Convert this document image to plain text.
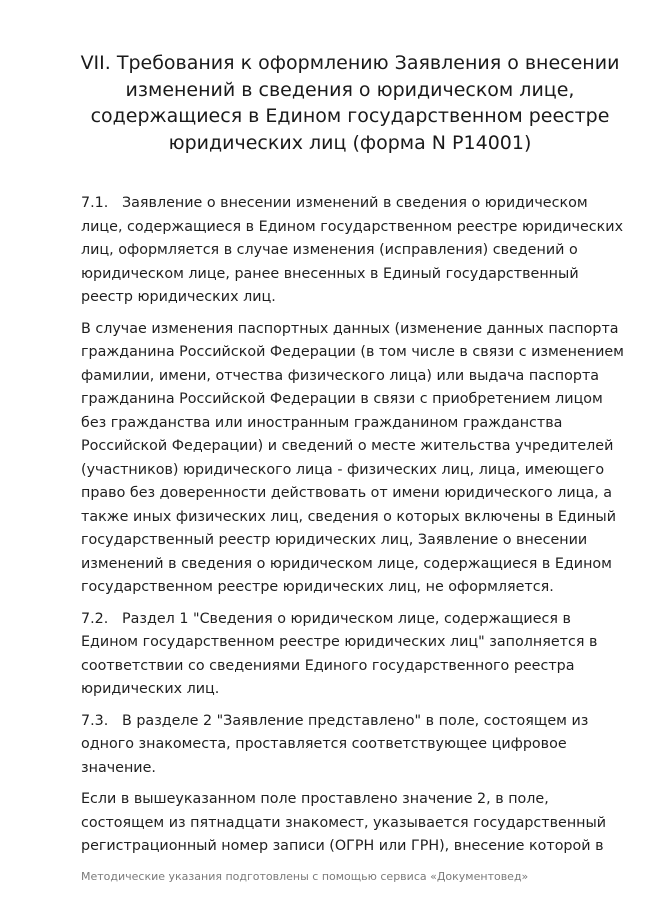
VII. Требования к оформлению Заявления о внесении
изменений в сведения о юридическом лице,
содержащиеся в Едином государственном реестре
юридических лиц (форма N Р14001)

7.1. Заявление о внесении изменений в сведения о юридическом
лице, содержащиеся в Едином государственном реестре юридических
лиц, оформляется в случае изменения (исправления) сведений о
юридическом лице, ранее внесенных в Единый государственный
реестр юридических лиц.

В случае изменения паспортных данных (изменение данных паспорта
гражданина Российской Федерации (в том числе в связи с изменением
фамилии, имени, отчества физического лица) или выдача паспорта
гражданина Российской Федерации в связи с приобретением лицом
без гражданства или иностранным гражданином гражданства
Российской Федерации) и сведений о месте жительства учредителей
(участников) юридического лица - физических лиц, лица, имеющего
право без доверенности действовать от имени юридического лица, а
также иных физических лиц, сведения о которых включены в Единый
государственный реестр юридических лиц, Заявление о внесении
изменений в сведения о юридическом лице, содержащиеся в Едином
государственном реестре юридических лиц, не оформляется.

7.2. Раздел 1 "Сведения о юридическом лице, содержащиеся в
Едином государственном реестре юридических лиц" заполняется в
соответствии со сведениями Единого государственного реестра
юридических лиц.

7.3. В разделе 2 "Заявление представлено" в поле, состоящем из
одного знакоместа, проставляется соответствующее цифровое
значение.

Если в вышеуказанном поле проставлено значение 2, в поле,
состоящем из пятнадцати знакомест, указывается государственный
регистрационный номер записи (ОГРН или ГРН), внесение которой в

Методические указания подготовлены с помощью сервиса «Документовед»
